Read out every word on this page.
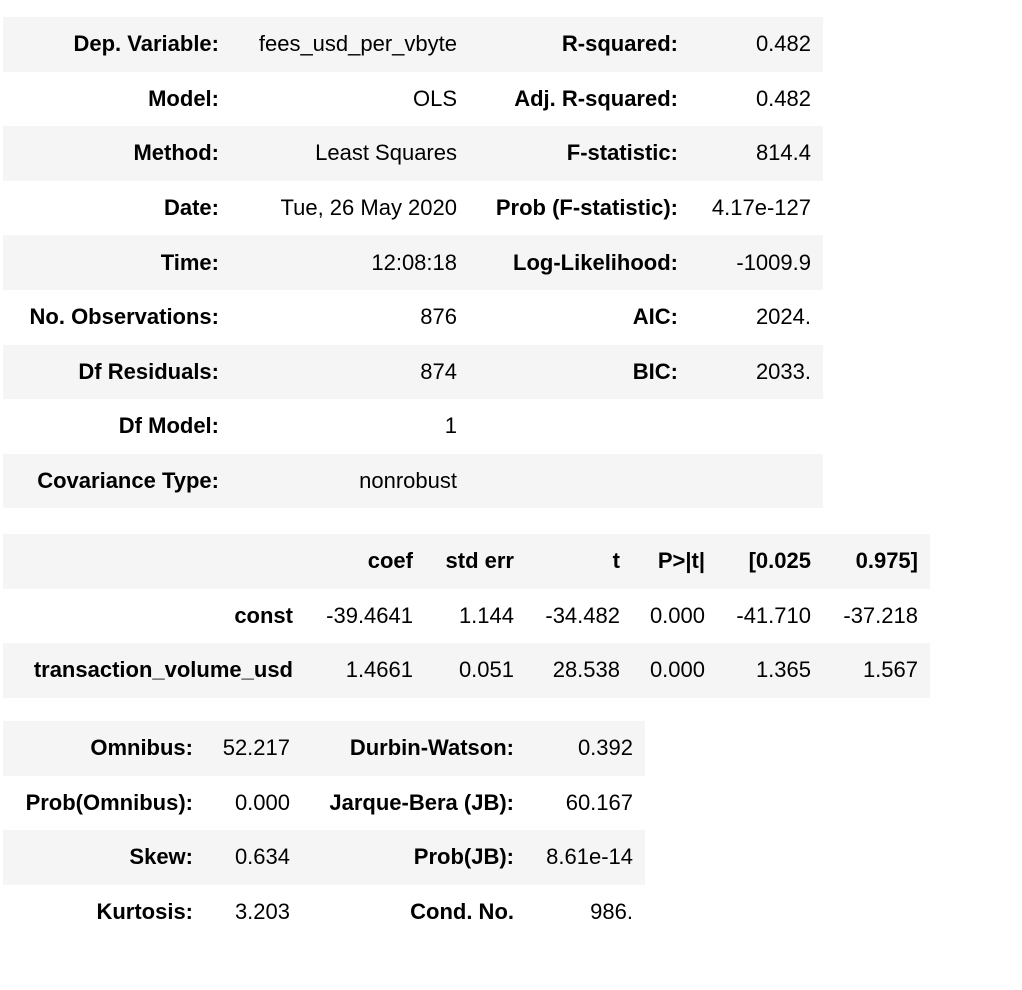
Dep. Variable:	fees_usd_per_vbyte	R-squared:	0.482
Model:	OLS	Adj. R-squared:	0.482
Method:	Least Squares	F-statistic:	814.4
Date:	Tue, 26 May 2020	Prob (F-statistic):	4.17e-127
Time:	12:08:18	Log-Likelihood:	-1009.9
No. Observations:	876	AIC:	2024.
Df Residuals:	874	BIC:	2033.
Df Model:	1		
Covariance Type:	nonrobust		
	coef	std err	t	P>|t|	[0.025	0.975]
const	-39.4641	1.144	-34.482	0.000	-41.710	-37.218
transaction_volume_usd	1.4661	0.051	28.538	0.000	1.365	1.567
Omnibus:	52.217	Durbin-Watson:	0.392
Prob(Omnibus):	0.000	Jarque-Bera (JB):	60.167
Skew:	0.634	Prob(JB):	8.61e-14
Kurtosis:	3.203	Cond. No.	986.
